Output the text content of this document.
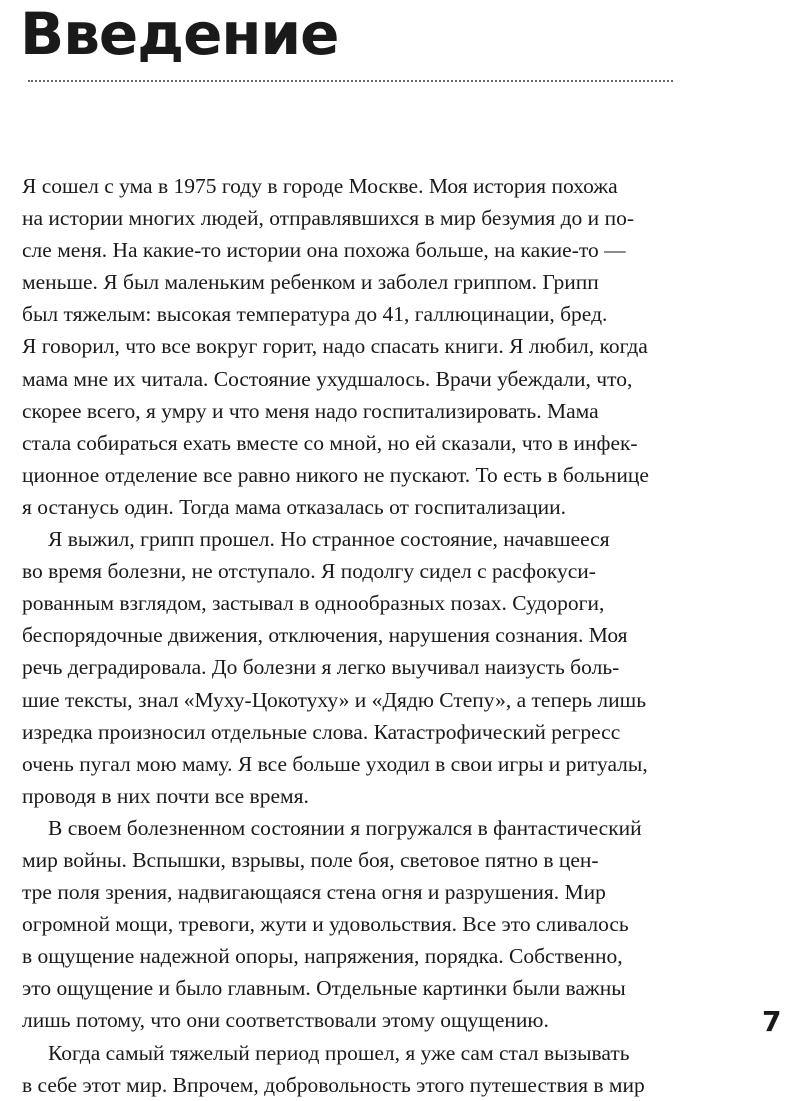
Введение

Я сошел с ума в 1975 году в городе Москве. Моя история похожа
на истории многих людей, отправлявшихся в мир безумия до и по-
сле меня. На какие-то истории она похожа больше, на какие-то —
меньше. Я был маленьким ребенком и заболел гриппом. Грипп
был тяжелым: высокая температура до 41, галлюцинации, бред.
Я говорил, что все вокруг горит, надо спасать книги. Я любил, когда
мама мне их читала. Состояние ухудшалось. Врачи убеждали, что,
скорее всего, я умру и что меня надо госпитализировать. Мама
стала собираться ехать вместе со мной, но ей сказали, что в инфек-
ционное отделение все равно никого не пускают. То есть в больнице
я останусь один. Тогда мама отказалась от госпитализации.

Я выжил, грипп прошел. Но странное состояние, начавшееся
во время болезни, не отступало. Я подолгу сидел с расфокуси-
рованным взглядом, застывал в однообразных позах. Судороги,
беспорядочные движения, отключения, нарушения сознания. Моя
речь деградировала. До болезни я легко выучивал наизусть боль-
шие тексты, знал «Муху-Цокотуху» и «Дядю Степу», а теперь лишь
изредка произносил отдельные слова. Катастрофический регресс
очень пугал мою маму. Я все больше уходил в свои игры и ритуалы,
проводя в них почти все время.

В своем болезненном состоянии я погружался в фантастический
мир войны. Вспышки, взрывы, поле боя, световое пятно в цен-
тре поля зрения, надвигающаяся стена огня и разрушения. Мир
огромной мощи, тревоги, жути и удовольствия. Все это сливалось
в ощущение надежной опоры, напряжения, порядка. Собственно,
это ощущение и было главным. Отдельные картинки были важны
лишь потому, что они соответствовали этому ощущению.

Когда самый тяжелый период прошел, я уже сам стал вызывать
в себе этот мир. Впрочем, добровольность этого путешествия в мир

7
